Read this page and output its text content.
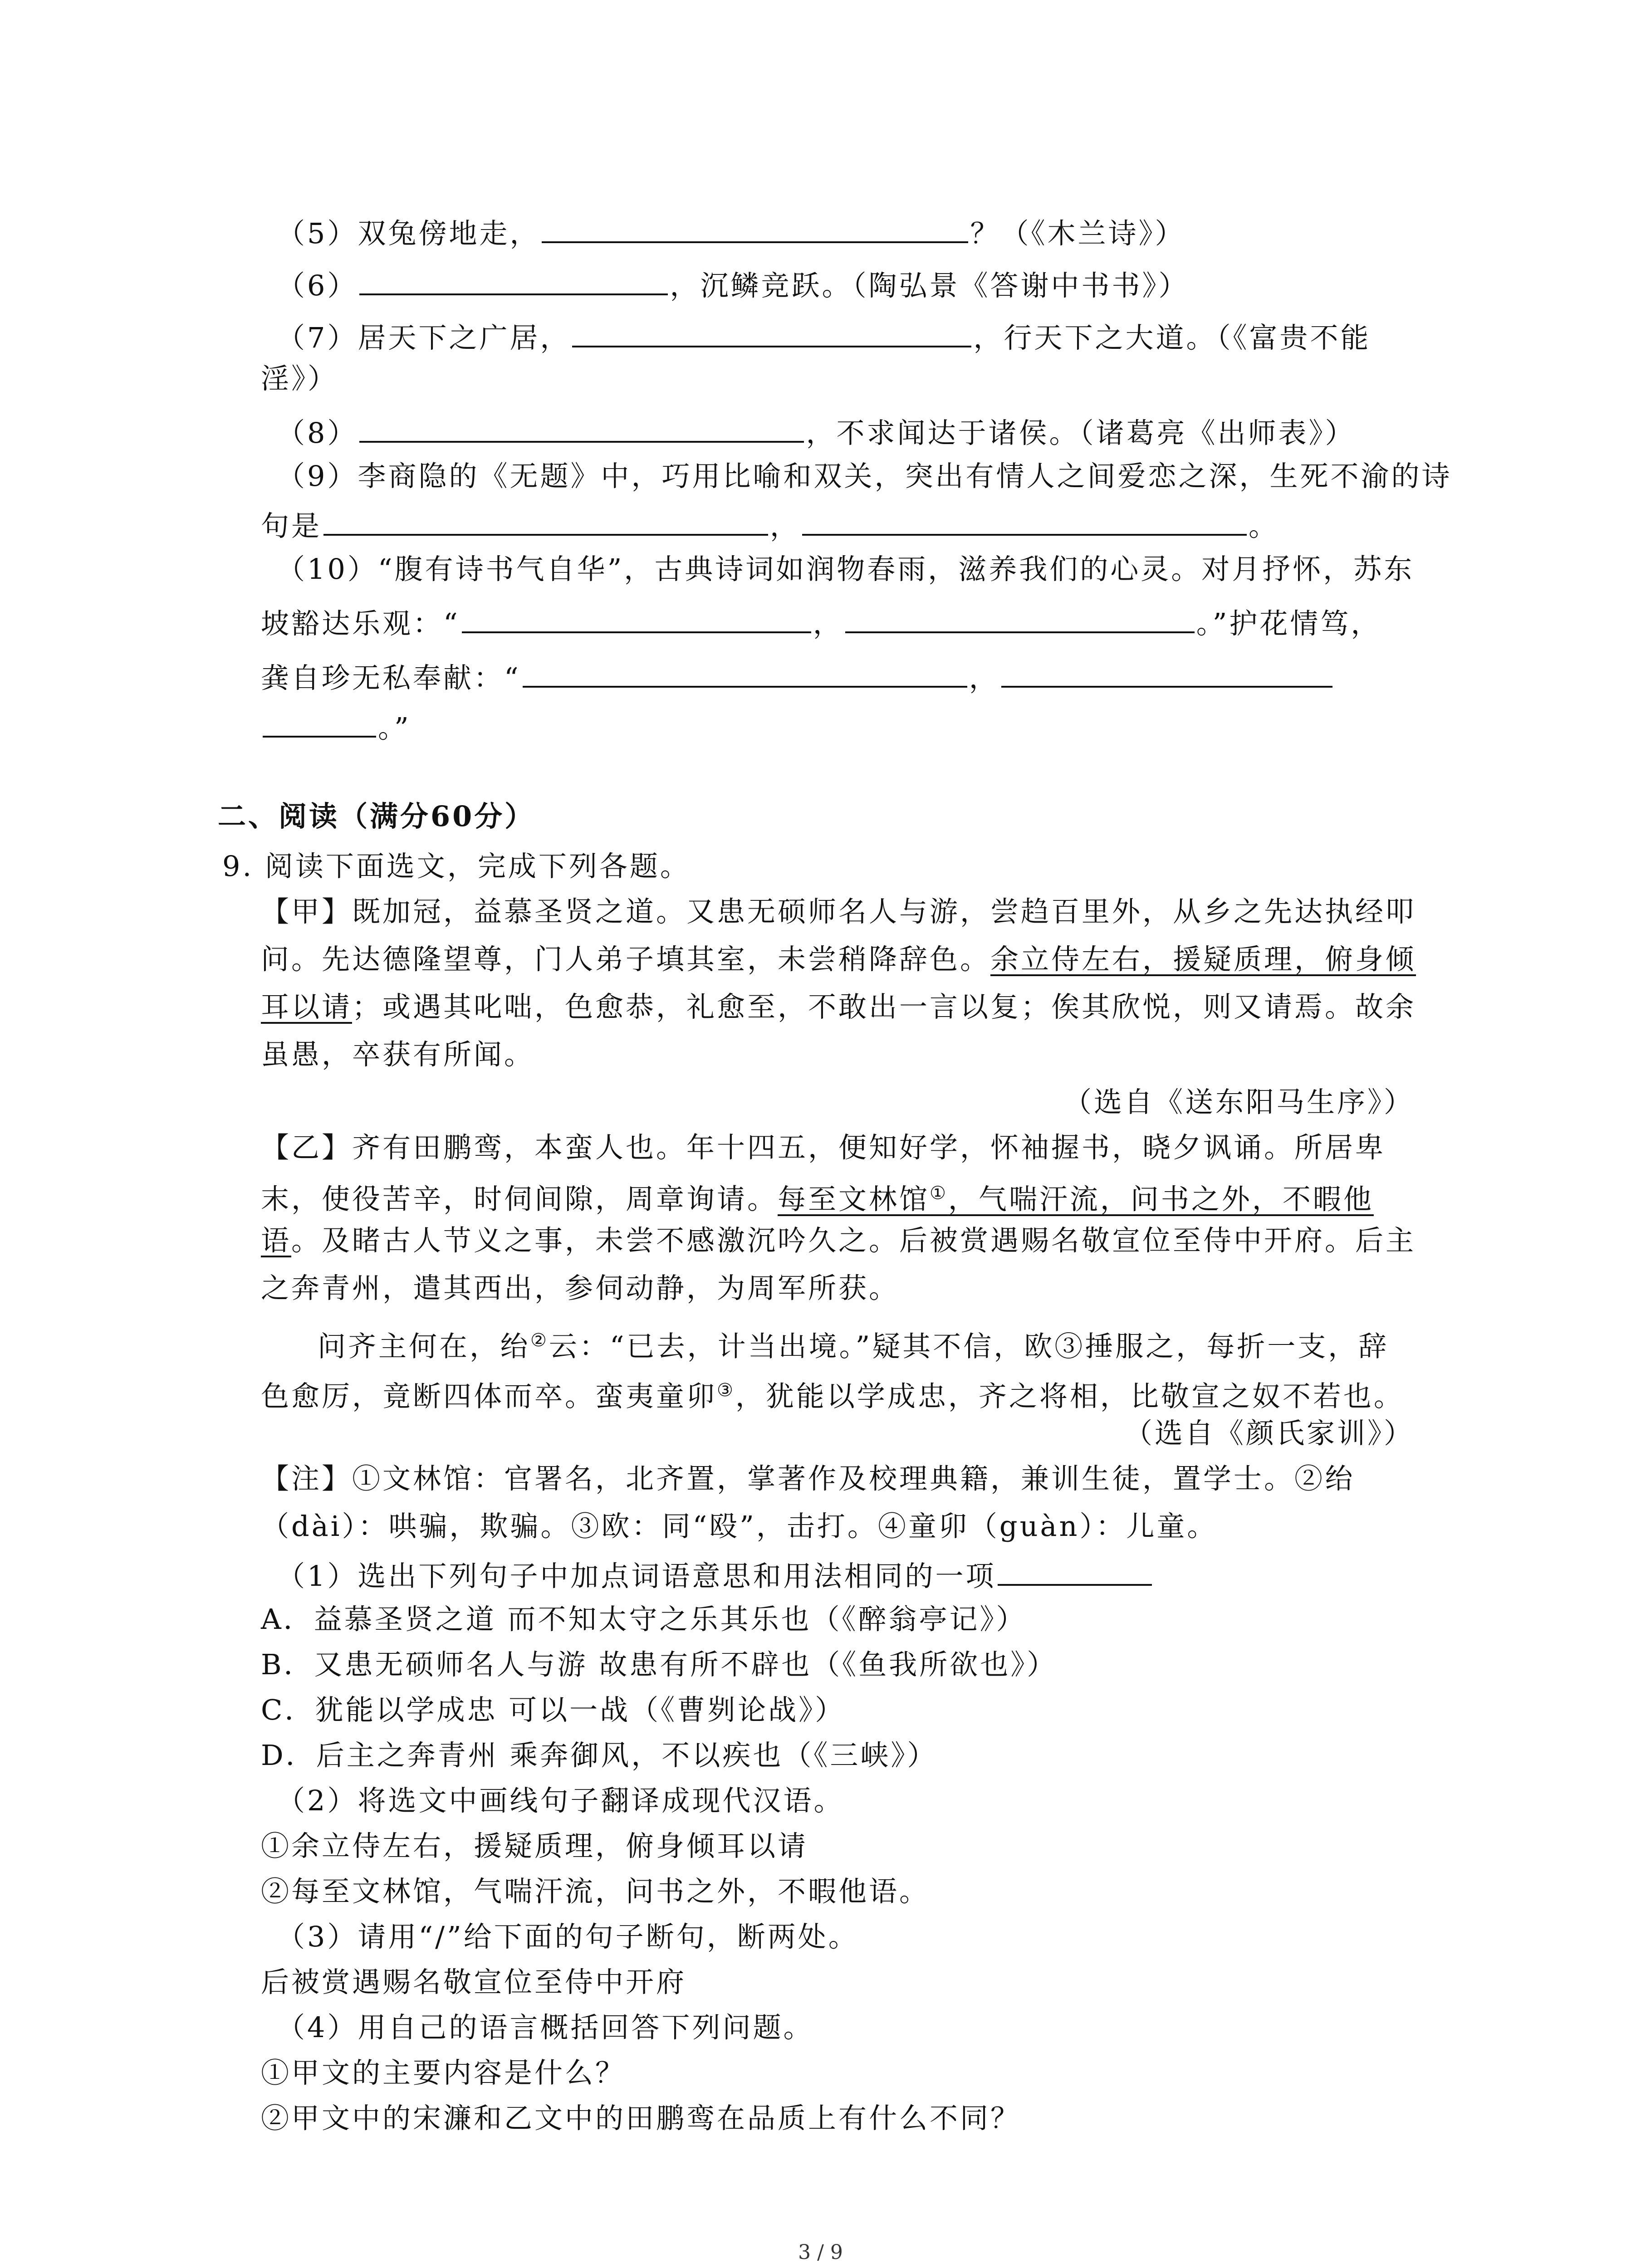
（5）双兔傍地走，	？（《木兰诗》）
（6）	，沉鳞竞跃。（陶弘景《答谢中书书》）
（7）居天下之广居，	，行天下之大道。（《富贵不能
淫》）
（8）	，不求闻达于诸侯。（诸葛亮《出师表》）
（9）李商隐的《无题》中，巧用比喻和双关，突出有情人之间爱恋之深，生死不渝的诗
句是	，	。
（10）“腹有诗书气自华”，古典诗词如润物春雨，滋养我们的心灵。对月抒怀，苏东
坡豁达乐观：“	，	。”护花情笃，
龚自珍无私奉献：“	，
。”
二、阅读（满分60分）
9. 阅读下面选文，完成下列各题。
【甲】既加冠，益慕圣贤之道。又患无硕师名人与游，尝趋百里外，从乡之先达执经叩
问。先达德隆望尊，门人弟子填其室，未尝稍降辞色。余立侍左右，援疑质理，俯身倾
耳以请；或遇其叱咄，色愈恭，礼愈至，不敢出一言以复；俟其欣悦，则又请焉。故余
虽愚，卒获有所闻。
（选自《送东阳马生序》）
【乙】齐有田鹏鸾，本蛮人也。年十四五，便知好学，怀袖握书，晓夕讽诵。所居卑
末，使役苦辛，时伺间隙，周章询请。每至文林馆①，气喘汗流，问书之外，不暇他
语。及睹古人节义之事，未尝不感激沉吟久之。后被赏遇赐名敬宣位至侍中开府。后主
之奔青州，遣其西出，参伺动静，为周军所获。
问齐主何在，绐②云：“已去，计当出境。”疑其不信，欧③捶服之，每折一支，辞
色愈厉，竟断四体而卒。蛮夷童卯③，犹能以学成忠，齐之将相，比敬宣之奴不若也。
（选自《颜氏家训》）
【注】①文林馆：官署名，北齐置，掌著作及校理典籍，兼训生徒，置学士。②绐
（dài）：哄骗，欺骗。③欧：同“殴”，击打。④童卯（guàn）：儿童。
（1）选出下列句子中加点词语意思和用法相同的一项
A．益慕圣贤之道 而不知太守之乐其乐也（《醉翁亭记》）
B．又患无硕师名人与游 故患有所不辟也（《鱼我所欲也》）
C．犹能以学成忠 可以一战（《曹刿论战》）
D．后主之奔青州 乘奔御风，不以疾也（《三峡》）
（2）将选文中画线句子翻译成现代汉语。
①余立侍左右，援疑质理，俯身倾耳以请
②每至文林馆，气喘汗流，问书之外，不暇他语。
（3）请用“/”给下面的句子断句，断两处。
后被赏遇赐名敬宣位至侍中开府
（4）用自己的语言概括回答下列问题。
①甲文的主要内容是什么？
②甲文中的宋濂和乙文中的田鹏鸾在品质上有什么不同？
3 / 9
